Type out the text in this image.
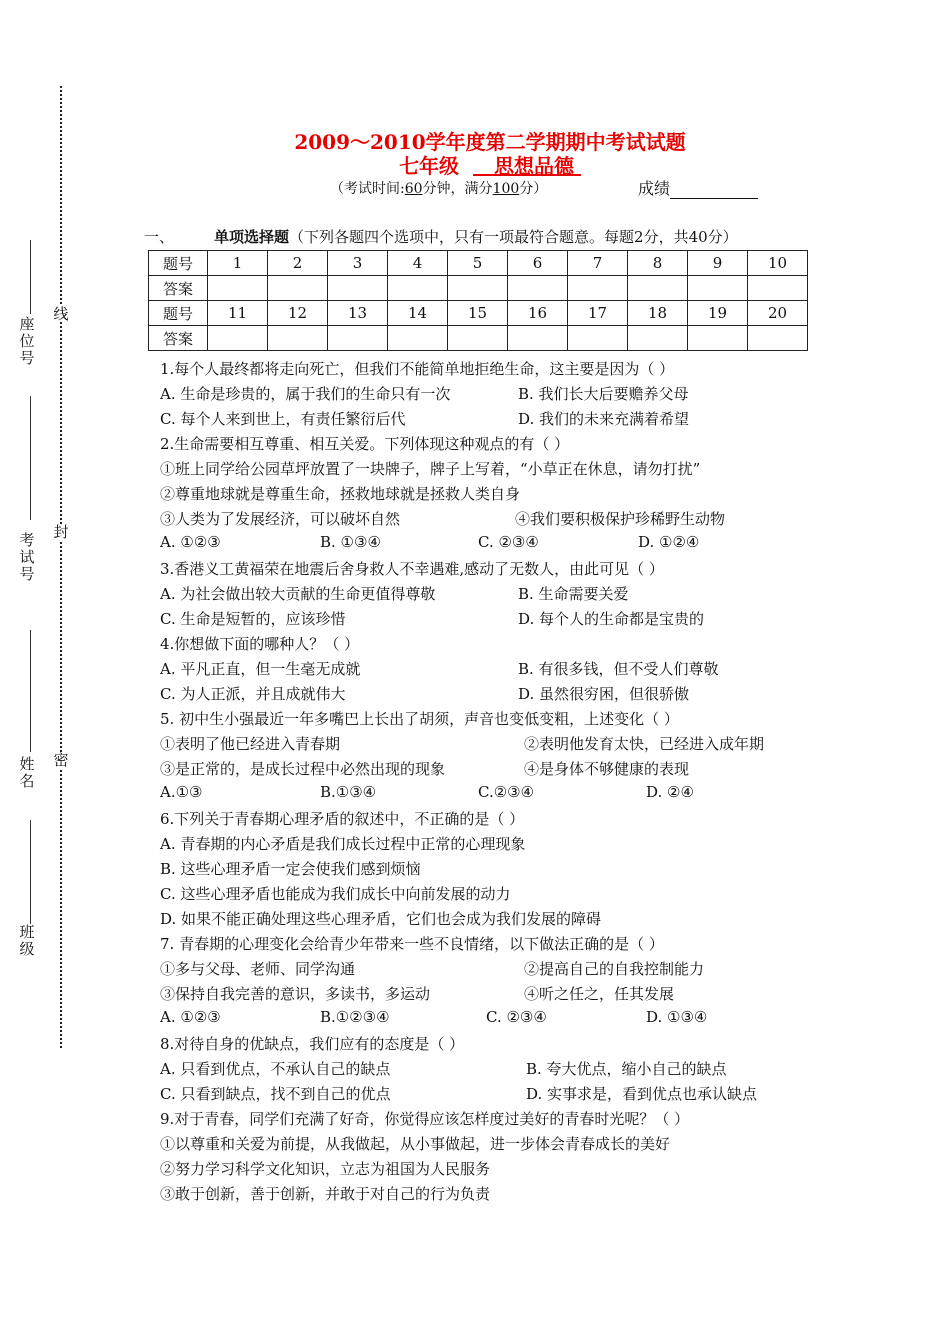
线
封
密
座位号
考试号
姓名
班级
2009～2010学年度第二学期期中考试试题
七年级 思想品德
（考试时间:60分钟，满分100分）	成绩
一、	单项选择题（下列各题四个选项中，只有一项最符合题意。每题2分，共40分）
题号	1	2	3	4	5	6	7	8	9	10
答案										
题号	11	12	13	14	15	16	17	18	19	20
答案										
1.每个人最终都将走向死亡，但我们不能简单地拒绝生命，这主要是因为（ ）
A. 生命是珍贵的，属于我们的生命只有一次	B. 我们长大后要赡养父母
C. 每个人来到世上，有责任繁衍后代	D. 我们的未来充满着希望
2.生命需要相互尊重、相互关爱。下列体现这种观点的有（ ）
①班上同学给公园草坪放置了一块牌子，牌子上写着，“小草正在休息，请勿打扰”
②尊重地球就是尊重生命，拯救地球就是拯救人类自身
③人类为了发展经济，可以破坏自然	④我们要积极保护珍稀野生动物
A. ①②③	B. ①③④	C. ②③④	D. ①②④
3.香港义工黄福荣在地震后舍身救人不幸遇难,感动了无数人，由此可见（ ）
A. 为社会做出较大贡献的生命更值得尊敬	B. 生命需要关爱
C. 生命是短暂的，应该珍惜	D. 每个人的生命都是宝贵的
4.你想做下面的哪种人？（ ）
A. 平凡正直，但一生毫无成就	B. 有很多钱，但不受人们尊敬
C. 为人正派，并且成就伟大	D. 虽然很穷困，但很骄傲
5. 初中生小强最近一年多嘴巴上长出了胡须，声音也变低变粗，上述变化（ ）
①表明了他已经进入青春期	②表明他发育太快，已经进入成年期
③是正常的，是成长过程中必然出现的现象	④是身体不够健康的表现
A.①③	B.①③④	C.②③④	D. ②④
6.下列关于青春期心理矛盾的叙述中，不正确的是（ ）
A. 青春期的内心矛盾是我们成长过程中正常的心理现象
B. 这些心理矛盾一定会使我们感到烦恼
C. 这些心理矛盾也能成为我们成长中向前发展的动力
D. 如果不能正确处理这些心理矛盾，它们也会成为我们发展的障碍
7. 青春期的心理变化会给青少年带来一些不良情绪，以下做法正确的是（ ）
①多与父母、老师、同学沟通	②提高自己的自我控制能力
③保持自我完善的意识，多读书，多运动	④听之任之，任其发展
A. ①②③	B.①②③④	C. ②③④	D. ①③④
8.对待自身的优缺点，我们应有的态度是（ ）
A. 只看到优点，不承认自己的缺点	B. 夸大优点，缩小自己的缺点
C. 只看到缺点，找不到自己的优点	D. 实事求是，看到优点也承认缺点
9.对于青春，同学们充满了好奇，你觉得应该怎样度过美好的青春时光呢？（ ）
①以尊重和关爱为前提，从我做起，从小事做起，进一步体会青春成长的美好
②努力学习科学文化知识，立志为祖国为人民服务
③敢于创新，善于创新，并敢于对自己的行为负责
